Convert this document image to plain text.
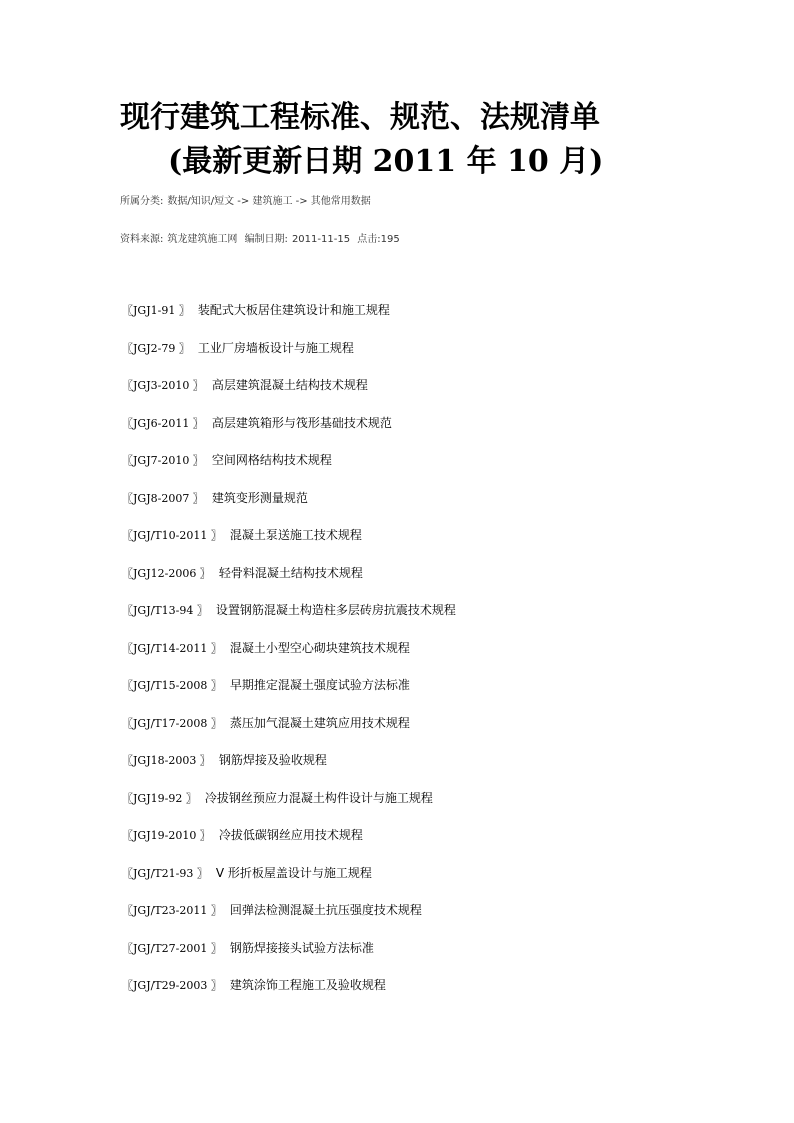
现行建筑工程标准、规范、法规清单
(最新更新日期 2011 年 10 月)
所属分类: 数据/知识/短文 -> 建筑施工 -> 其他常用数据
资料来源: 筑龙建筑施工网 编制日期: 2011-11-15 点击:195
〖JGJ1-91 〗 装配式大板居住建筑设计和施工规程
〖JGJ2-79 〗 工业厂房墙板设计与施工规程
〖JGJ3-2010 〗 高层建筑混凝土结构技术规程
〖JGJ6-2011 〗 高层建筑箱形与筏形基础技术规范
〖JGJ7-2010 〗 空间网格结构技术规程
〖JGJ8-2007 〗 建筑变形测量规范
〖JGJ/T10-2011 〗 混凝土泵送施工技术规程
〖JGJ12-2006 〗 轻骨料混凝土结构技术规程
〖JGJ/T13-94 〗 设置钢筋混凝土构造柱多层砖房抗震技术规程
〖JGJ/T14-2011 〗 混凝土小型空心砌块建筑技术规程
〖JGJ/T15-2008 〗 早期推定混凝土强度试验方法标准
〖JGJ/T17-2008 〗 蒸压加气混凝土建筑应用技术规程
〖JGJ18-2003 〗 钢筋焊接及验收规程
〖JGJ19-92 〗 冷拔钢丝预应力混凝土构件设计与施工规程
〖JGJ19-2010 〗 冷拔低碳钢丝应用技术规程
〖JGJ/T21-93 〗 V 形折板屋盖设计与施工规程
〖JGJ/T23-2011 〗 回弹法检测混凝土抗压强度技术规程
〖JGJ/T27-2001 〗 钢筋焊接接头试验方法标准
〖JGJ/T29-2003 〗 建筑涂饰工程施工及验收规程
